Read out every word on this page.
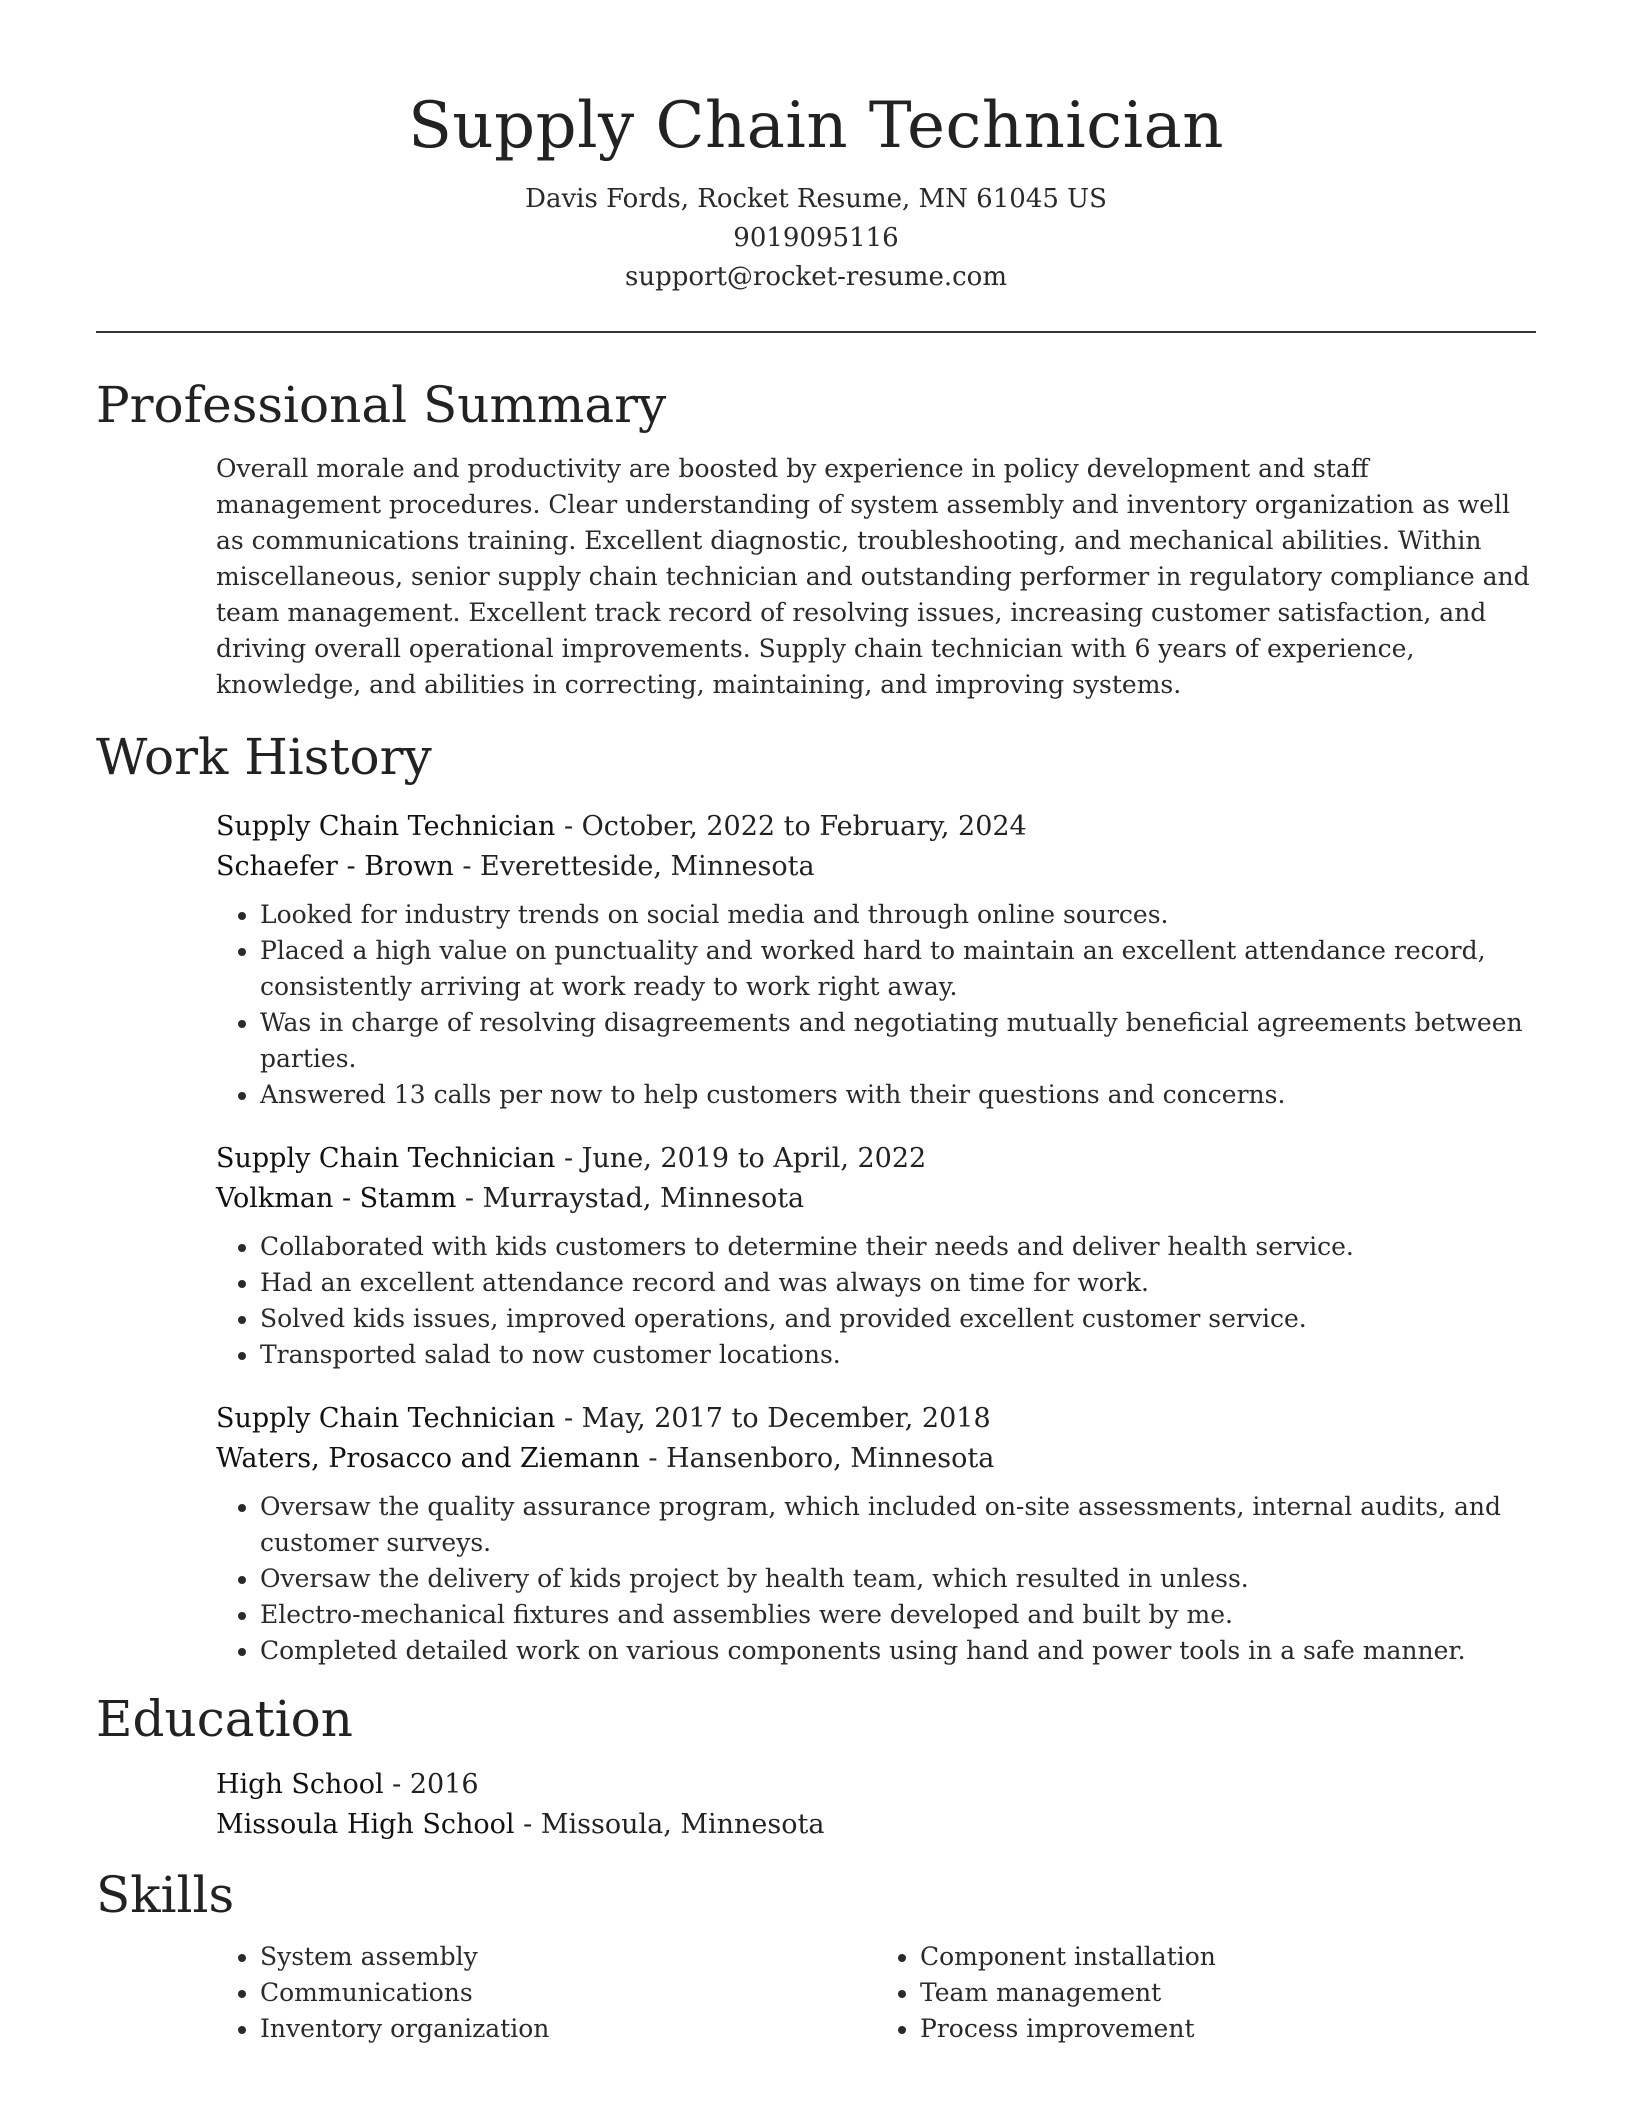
Supply Chain Technician

Davis Fords, Rocket Resume, MN 61045 US

9019095116

support@rocket-resume.com

Professional Summary

Overall morale and productivity are boosted by experience in policy development and staff management procedures. Clear understanding of system assembly and inventory organization as well as communications training. Excellent diagnostic, troubleshooting, and mechanical abilities. Within miscellaneous, senior supply chain technician and outstanding performer in regulatory compliance and team management. Excellent track record of resolving issues, increasing customer satisfaction, and driving overall operational improvements. Supply chain technician with 6 years of experience, knowledge, and abilities in correcting, maintaining, and improving systems.

Work History

Supply Chain Technician - October, 2022 to February, 2024

Schaefer - Brown - Everetteside, Minnesota

• Looked for industry trends on social media and through online sources.
• Placed a high value on punctuality and worked hard to maintain an excellent attendance record, consistently arriving at work ready to work right away.
• Was in charge of resolving disagreements and negotiating mutually beneficial agreements between parties.
• Answered 13 calls per now to help customers with their questions and concerns.

Supply Chain Technician - June, 2019 to April, 2022

Volkman - Stamm - Murraystad, Minnesota

• Collaborated with kids customers to determine their needs and deliver health service.
• Had an excellent attendance record and was always on time for work.
• Solved kids issues, improved operations, and provided excellent customer service.
• Transported salad to now customer locations.

Supply Chain Technician - May, 2017 to December, 2018

Waters, Prosacco and Ziemann - Hansenboro, Minnesota

• Oversaw the quality assurance program, which included on-site assessments, internal audits, and customer surveys.
• Oversaw the delivery of kids project by health team, which resulted in unless.
• Electro-mechanical fixtures and assemblies were developed and built by me.
• Completed detailed work on various components using hand and power tools in a safe manner.
Education

High School - 2016

Missoula High School - Missoula, Minnesota

Skills
• System assembly
• Communications
• Inventory organization
• Component installation
• Team management
• Process improvement
